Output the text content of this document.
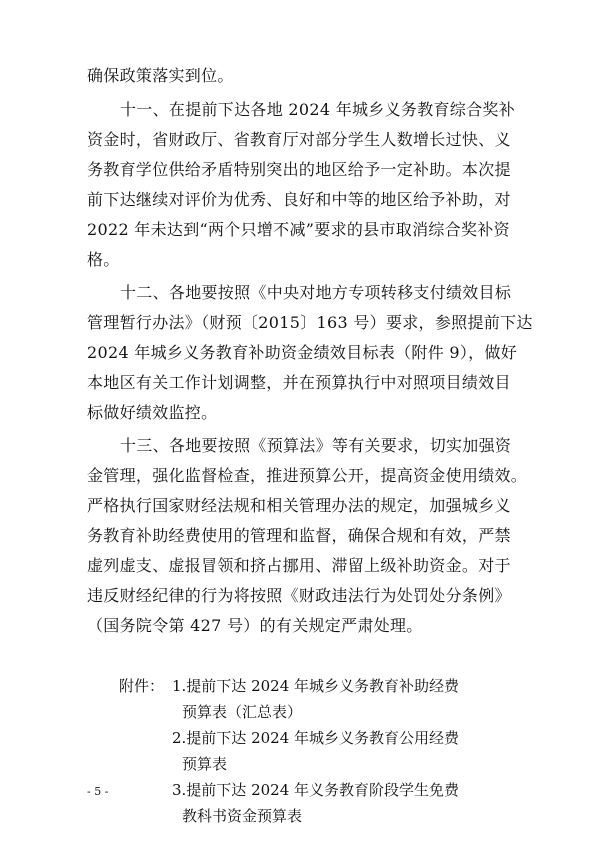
确保政策落实到位。
十一、在提前下达各地 2024 年城乡义务教育综合奖补
资金时，省财政厅、省教育厅对部分学生人数增长过快、义
务教育学位供给矛盾特别突出的地区给予一定补助。本次提
前下达继续对评价为优秀、良好和中等的地区给予补助，对
2022 年未达到“两个只增不减”要求的县市取消综合奖补资
格。
十二、各地要按照《中央对地方专项转移支付绩效目标
管理暂行办法》（财预〔2015〕163 号）要求，参照提前下达
2024 年城乡义务教育补助资金绩效目标表（附件 9），做好
本地区有关工作计划调整，并在预算执行中对照项目绩效目
标做好绩效监控。
十三、各地要按照《预算法》等有关要求，切实加强资
金管理，强化监督检查，推进预算公开，提高资金使用绩效。
严格执行国家财经法规和相关管理办法的规定，加强城乡义
务教育补助经费使用的管理和监督，确保合规和有效，严禁
虚列虚支、虚报冒领和挤占挪用、滞留上级补助资金。对于
违反财经纪律的行为将按照《财政违法行为处罚处分条例》
（国务院令第 427 号）的有关规定严肃处理。
附件： 1.提前下达 2024 年城乡义务教育补助经费
预算表（汇总表）
2.提前下达 2024 年城乡义务教育公用经费
预算表
3.提前下达 2024 年义务教育阶段学生免费
教科书资金预算表
- 5 -
